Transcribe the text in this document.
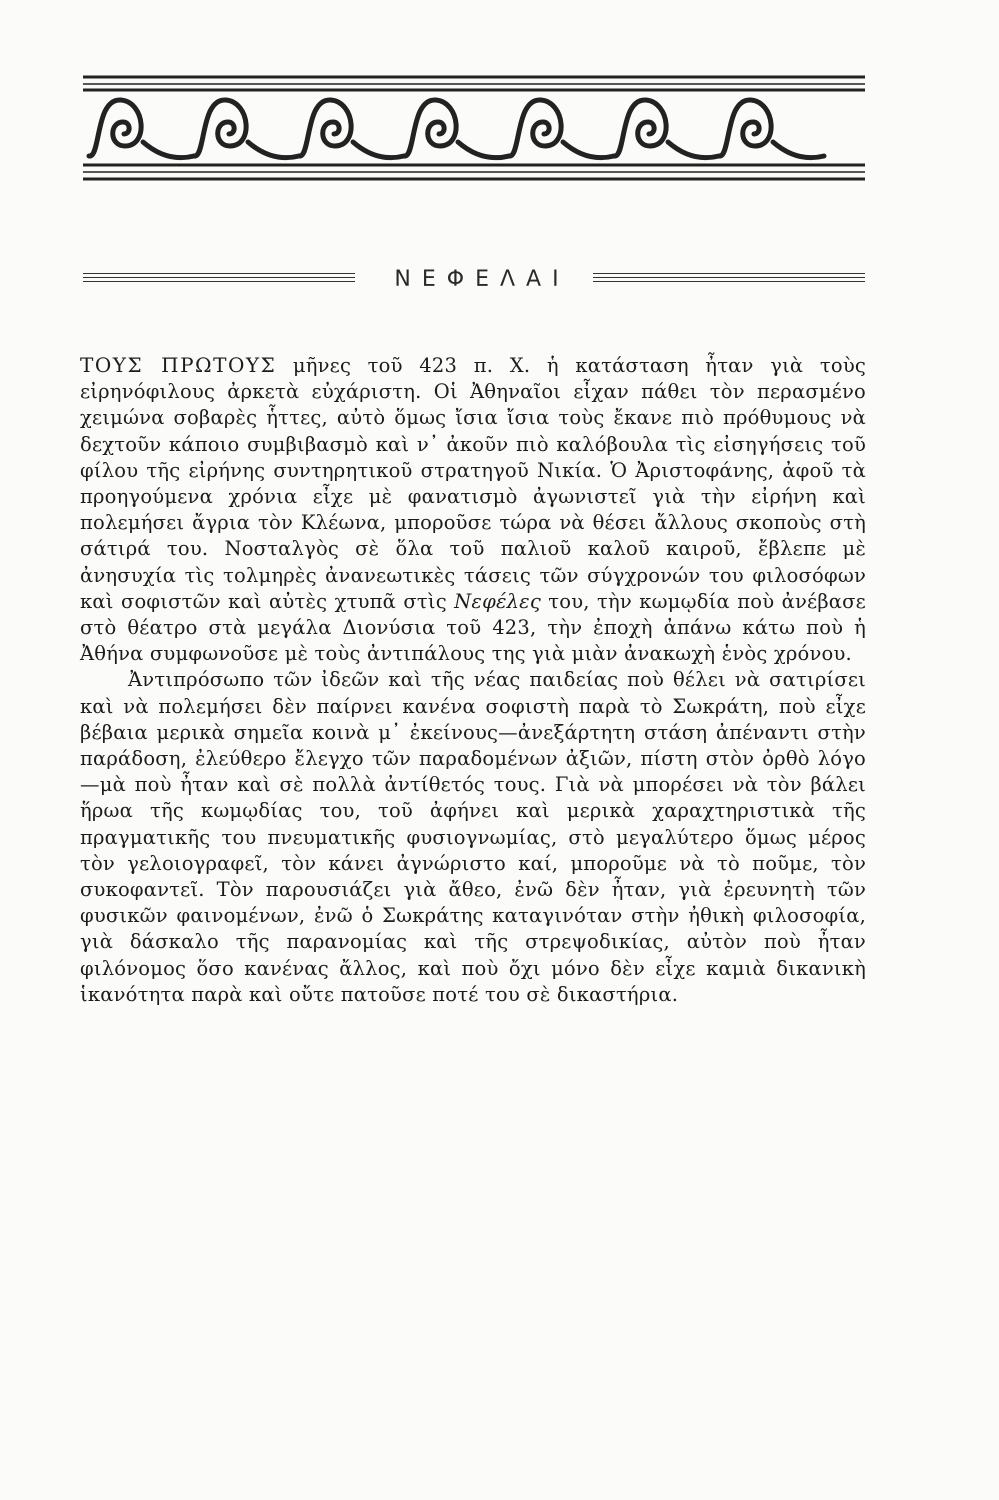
ΝΕΦΕΛΑΙ

ΤΟΥΣ ΠΡΩΤΟΥΣ μῆνες τοῦ 423 π. Χ. ἡ κατάσταση ἦταν γιὰ τοὺς εἰρηνόφιλους ἀρκετὰ εὐχάριστη. Οἱ Ἀθηναῖοι εἶχαν πάθει τὸν περασμένο χειμώνα σοβαρὲς ἧττες, αὐτὸ ὅμως ἴσια ἴσια τοὺς ἔκανε πιὸ πρόθυμους νὰ δεχτοῦν κάποιο συμβιβασμὸ καὶ ν᾽ ἀκοῦν πιὸ καλόβουλα τὶς εἰσηγήσεις τοῦ φίλου τῆς εἰρήνης συντηρητικοῦ στρατηγοῦ Νικία. Ὁ Ἀριστοφάνης, ἀφοῦ τὰ προηγούμενα χρόνια εἶχε μὲ φανατισμὸ ἀγωνιστεῖ γιὰ τὴν εἰρήνη καὶ πολεμήσει ἄγρια τὸν Κλέωνα, μποροῦσε τώρα νὰ θέσει ἄλλους σκοποὺς στὴ σάτιρά του. Νοσταλγὸς σὲ ὅλα τοῦ παλιοῦ καλοῦ καιροῦ, ἔβλεπε μὲ ἀνησυχία τὶς τολμηρὲς ἀνανεωτικὲς τάσεις τῶν σύγχρονών του φιλοσόφων καὶ σοφιστῶν καὶ αὐτὲς χτυπᾶ στὶς Νεφέλες του, τὴν κωμῳδία ποὺ ἀνέβασε στὸ θέατρο στὰ μεγάλα Διονύσια τοῦ 423, τὴν ἐποχὴ ἀπάνω κάτω ποὺ ἡ Ἀθήνα συμφωνοῦσε μὲ τοὺς ἀντιπάλους της γιὰ μιὰν ἀνακωχὴ ἑνὸς χρόνου.

Ἀντιπρόσωπο τῶν ἰδεῶν καὶ τῆς νέας παιδείας ποὺ θέλει νὰ σατιρίσει καὶ νὰ πολεμήσει δὲν παίρνει κανένα σοφιστὴ παρὰ τὸ Σωκράτη, ποὺ εἶχε βέβαια μερικὰ σημεῖα κοινὰ μ᾽ ἐκείνους—ἀνεξάρτητη στάση ἀπέναντι στὴν παράδοση, ἐλεύθερο ἔλεγχο τῶν παραδομένων ἀξιῶν, πίστη στὸν ὀρθὸ λόγο—μὰ ποὺ ἦταν καὶ σὲ πολλὰ ἀντίθετός τους. Γιὰ νὰ μπορέσει νὰ τὸν βάλει ἥρωα τῆς κωμῳδίας του, τοῦ ἀφήνει καὶ μερικὰ χαραχτηριστικὰ τῆς πραγματικῆς του πνευματικῆς φυσιογνωμίας, στὸ μεγαλύτερο ὅμως μέρος τὸν γελοιογραφεῖ, τὸν κάνει ἀγνώριστο καί, μποροῦμε νὰ τὸ ποῦμε, τὸν συκοφαντεῖ. Τὸν παρουσιάζει γιὰ ἄθεο, ἐνῶ δὲν ἦταν, γιὰ ἐρευνητὴ τῶν φυσικῶν φαινομένων, ἐνῶ ὁ Σωκράτης καταγινόταν στὴν ἠθικὴ φιλοσοφία, γιὰ δάσκαλο τῆς παρανομίας καὶ τῆς στρεψοδικίας, αὐτὸν ποὺ ἦταν φιλόνομος ὅσο κανένας ἄλλος, καὶ ποὺ ὄχι μόνο δὲν εἶχε καμιὰ δικανικὴ ἱκανότητα παρὰ καὶ οὔτε πατοῦσε ποτέ του σὲ δικαστήρια.
